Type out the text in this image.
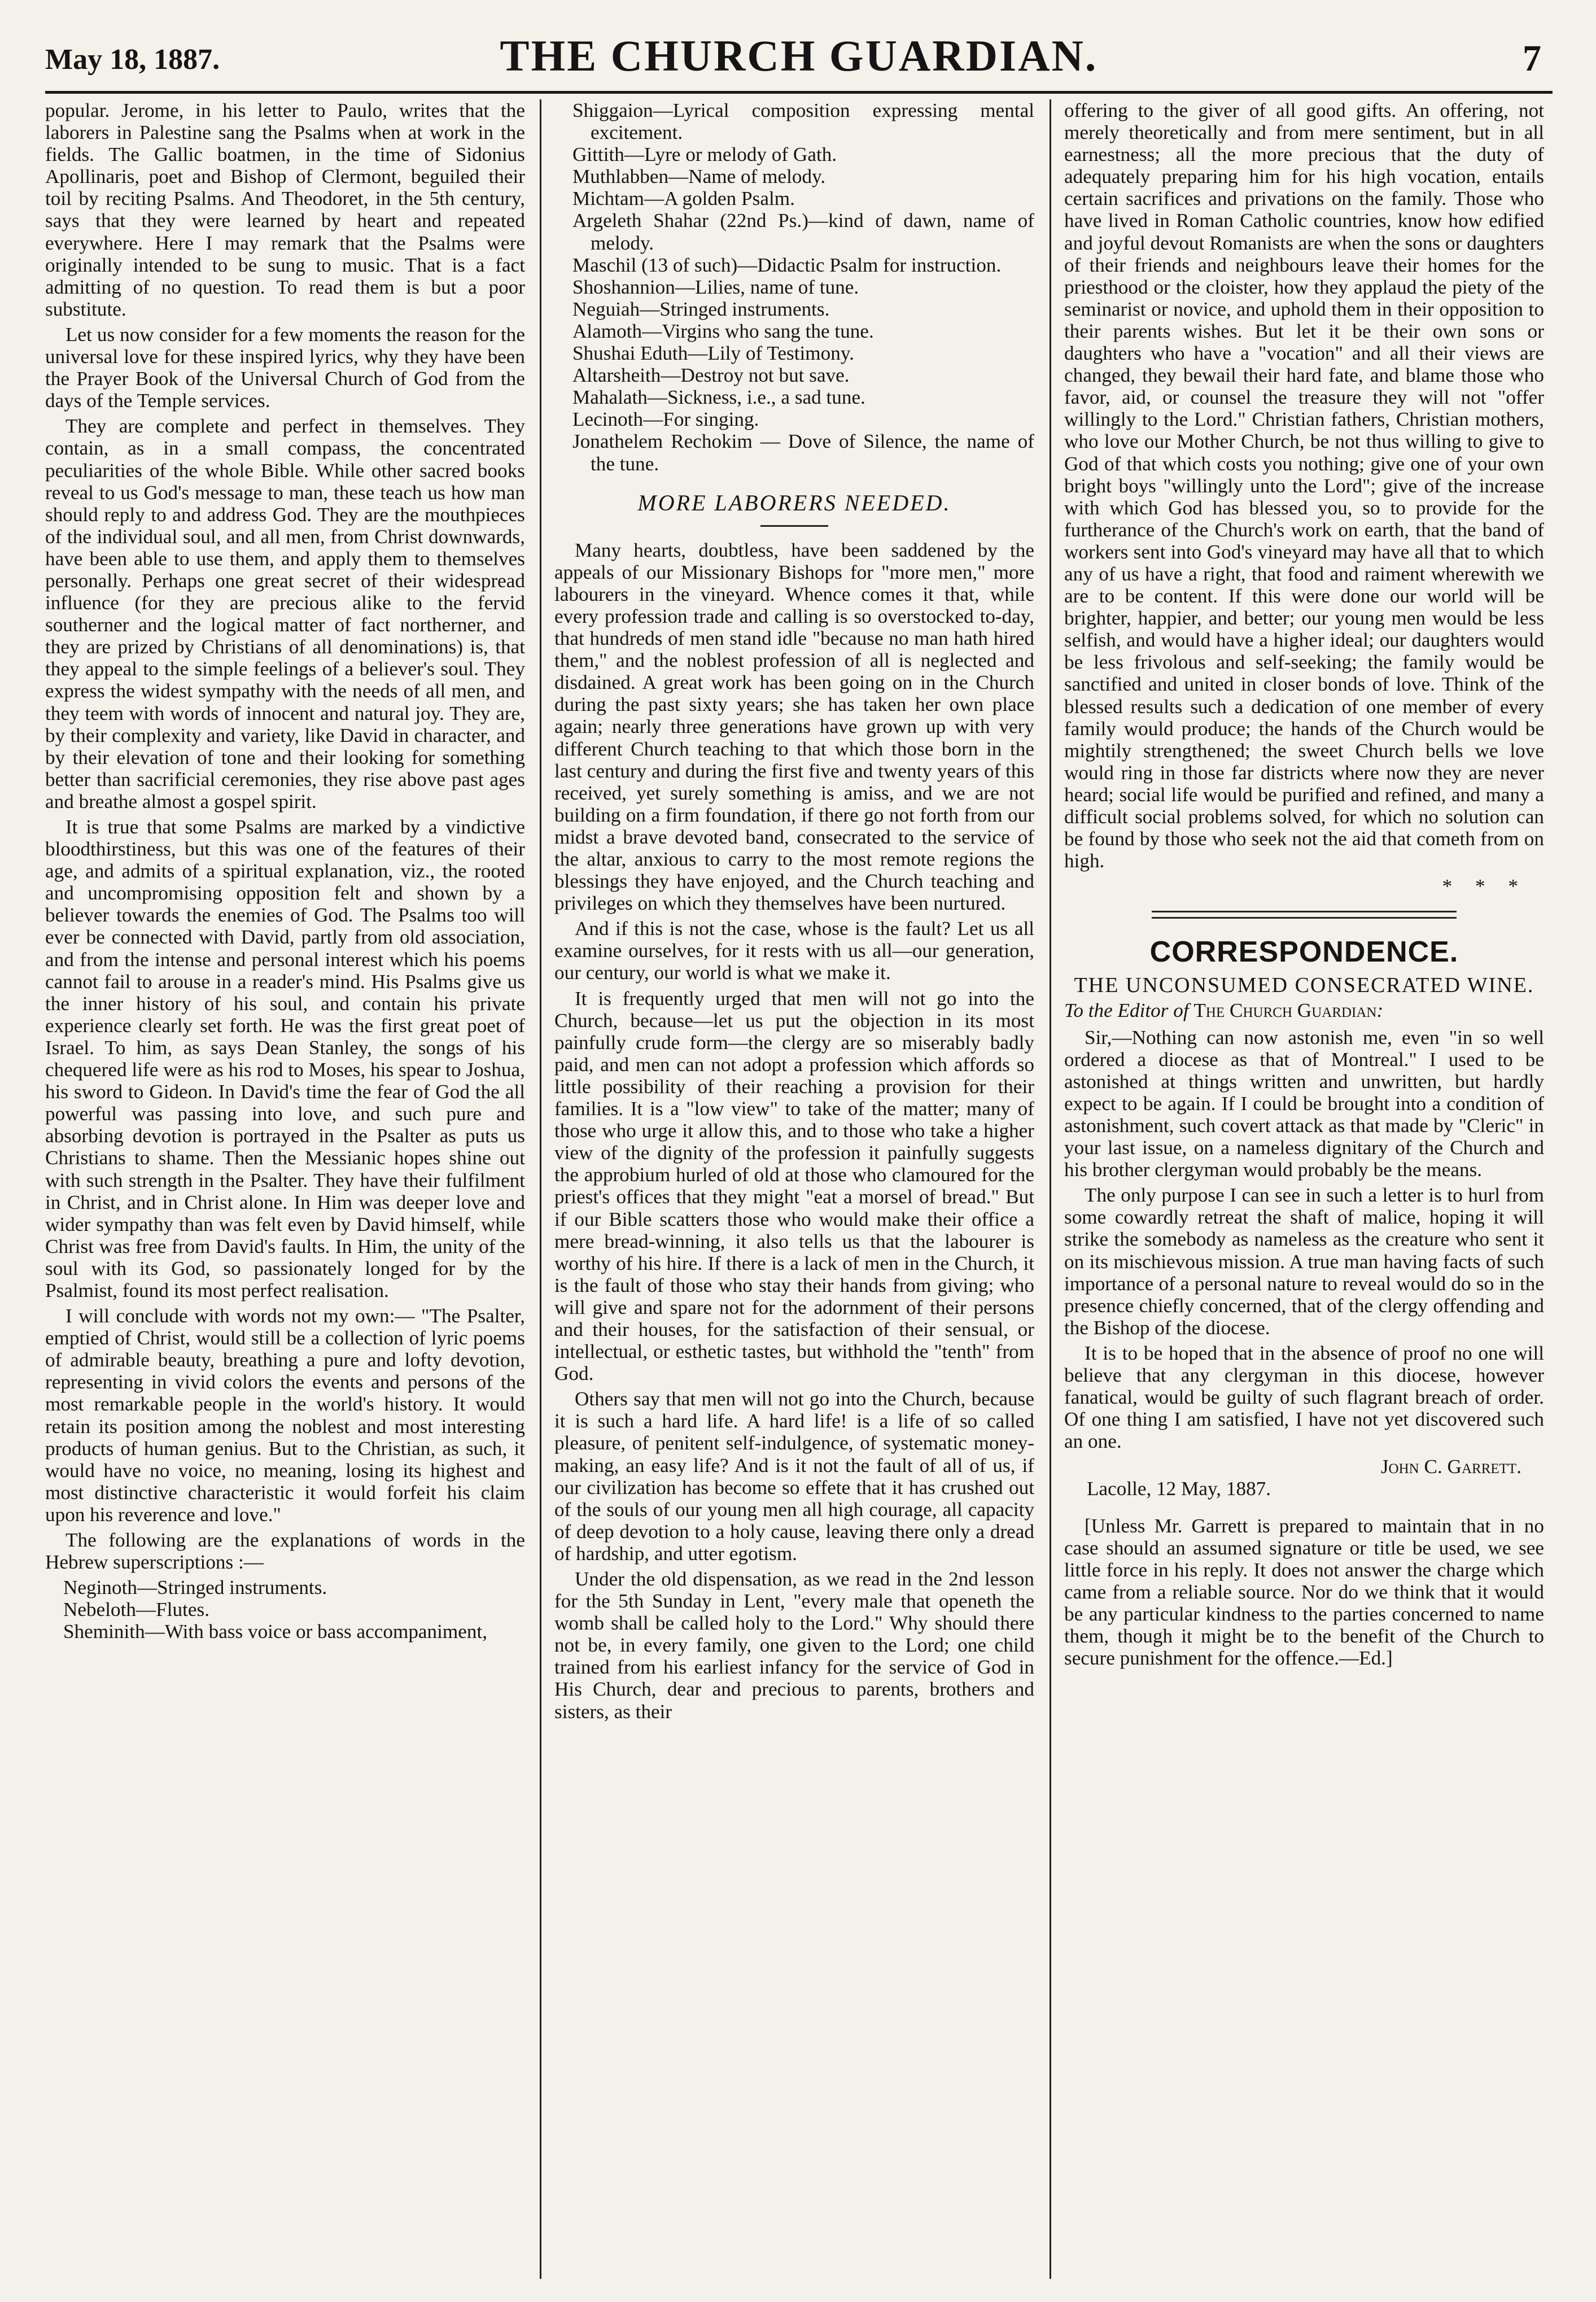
May 18, 1887.	THE CHURCH GUARDIAN.	7

popular. Jerome, in his letter to Paulo, writes that the laborers in Palestine sang the Psalms when at work in the fields. The Gallic boatmen, in the time of Sidonius Apollinaris, poet and Bishop of Clermont, beguiled their toil by reciting Psalms. And Theodoret, in the 5th century, says that they were learned by heart and repeated everywhere. Here I may remark that the Psalms were originally intended to be sung to music. That is a fact admitting of no question. To read them is but a poor substitute.

Let us now consider for a few moments the reason for the universal love for these inspired lyrics, why they have been the Prayer Book of the Universal Church of God from the days of the Temple services.

They are complete and perfect in themselves. They contain, as in a small compass, the concentrated peculiarities of the whole Bible. While other sacred books reveal to us God's message to man, these teach us how man should reply to and address God. They are the mouthpieces of the individual soul, and all men, from Christ downwards, have been able to use them, and apply them to themselves personally. Perhaps one great secret of their widespread influence (for they are precious alike to the fervid southerner and the logical matter of fact northerner, and they are prized by Christians of all denominations) is, that they appeal to the simple feelings of a believer's soul. They express the widest sympathy with the needs of all men, and they teem with words of innocent and natural joy. They are, by their complexity and variety, like David in character, and by their elevation of tone and their looking for something better than sacrificial ceremonies, they rise above past ages and breathe almost a gospel spirit.

It is true that some Psalms are marked by a vindictive bloodthirstiness, but this was one of the features of their age, and admits of a spiritual explanation, viz., the rooted and uncompromising opposition felt and shown by a believer towards the enemies of God. The Psalms too will ever be connected with David, partly from old association, and from the intense and personal interest which his poems cannot fail to arouse in a reader's mind. His Psalms give us the inner history of his soul, and contain his private experience clearly set forth. He was the first great poet of Israel. To him, as says Dean Stanley, the songs of his chequered life were as his rod to Moses, his spear to Joshua, his sword to Gideon. In David's time the fear of God the all powerful was passing into love, and such pure and absorbing devotion is portrayed in the Psalter as puts us Christians to shame. Then the Messianic hopes shine out with such strength in the Psalter. They have their fulfilment in Christ, and in Christ alone. In Him was deeper love and wider sympathy than was felt even by David himself, while Christ was free from David's faults. In Him, the unity of the soul with its God, so passionately longed for by the Psalmist, found its most perfect realisation.

I will conclude with words not my own:— "The Psalter, emptied of Christ, would still be a collection of lyric poems of admirable beauty, breathing a pure and lofty devotion, representing in vivid colors the events and persons of the most remarkable people in the world's history. It would retain its position among the noblest and most interesting products of human genius. But to the Christian, as such, it would have no voice, no meaning, losing its highest and most distinctive characteristic it would forfeit his claim upon his reverence and love."

The following are the explanations of words in the Hebrew superscriptions :—

Neginoth—Stringed instruments.

Nebeloth—Flutes.

Sheminith—With bass voice or bass accompaniment,

Shiggaion—Lyrical composition expressing mental excitement.

Gittith—Lyre or melody of Gath.

Muthlabben—Name of melody.

Michtam—A golden Psalm.

Argeleth Shahar (22nd Ps.)—kind of dawn, name of melody.

Maschil (13 of such)—Didactic Psalm for instruction.

Shoshannion—Lilies, name of tune.

Neguiah—Stringed instruments.

Alamoth—Virgins who sang the tune.

Shushai Eduth—Lily of Testimony.

Altarsheith—Destroy not but save.

Mahalath—Sickness, i.e., a sad tune.

Lecinoth—For singing.

Jonathelem Rechokim — Dove of Silence, the name of the tune.

MORE LABORERS NEEDED.

Many hearts, doubtless, have been saddened by the appeals of our Missionary Bishops for "more men," more labourers in the vineyard. Whence comes it that, while every profession trade and calling is so overstocked to-day, that hundreds of men stand idle "because no man hath hired them," and the noblest profession of all is neglected and disdained. A great work has been going on in the Church during the past sixty years; she has taken her own place again; nearly three generations have grown up with very different Church teaching to that which those born in the last century and during the first five and twenty years of this received, yet surely something is amiss, and we are not building on a firm foundation, if there go not forth from our midst a brave devoted band, consecrated to the service of the altar, anxious to carry to the most remote regions the blessings they have enjoyed, and the Church teaching and privileges on which they themselves have been nurtured.

And if this is not the case, whose is the fault? Let us all examine ourselves, for it rests with us all—our generation, our century, our world is what we make it.

It is frequently urged that men will not go into the Church, because—let us put the objection in its most painfully crude form—the clergy are so miserably badly paid, and men can not adopt a profession which affords so little possibility of their reaching a provision for their families. It is a "low view" to take of the matter; many of those who urge it allow this, and to those who take a higher view of the dignity of the profession it painfully suggests the approbium hurled of old at those who clamoured for the priest's offices that they might "eat a morsel of bread." But if our Bible scatters those who would make their office a mere bread-winning, it also tells us that the labourer is worthy of his hire. If there is a lack of men in the Church, it is the fault of those who stay their hands from giving; who will give and spare not for the adornment of their persons and their houses, for the satisfaction of their sensual, or intellectual, or esthetic tastes, but withhold the "tenth" from God.

Others say that men will not go into the Church, because it is such a hard life. A hard life! is a life of so called pleasure, of penitent self-indulgence, of systematic money-making, an easy life? And is it not the fault of all of us, if our civilization has become so effete that it has crushed out of the souls of our young men all high courage, all capacity of deep devotion to a holy cause, leaving there only a dread of hardship, and utter egotism.

Under the old dispensation, as we read in the 2nd lesson for the 5th Sunday in Lent, "every male that openeth the womb shall be called holy to the Lord." Why should there not be, in every family, one given to the Lord; one child trained from his earliest infancy for the service of God in His Church, dear and precious to parents, brothers and sisters, as their

offering to the giver of all good gifts. An offering, not merely theoretically and from mere sentiment, but in all earnestness; all the more precious that the duty of adequately preparing him for his high vocation, entails certain sacrifices and privations on the family. Those who have lived in Roman Catholic countries, know how edified and joyful devout Romanists are when the sons or daughters of their friends and neighbours leave their homes for the priesthood or the cloister, how they applaud the piety of the seminarist or novice, and uphold them in their opposition to their parents wishes. But let it be their own sons or daughters who have a "vocation" and all their views are changed, they bewail their hard fate, and blame those who favor, aid, or counsel the treasure they will not "offer willingly to the Lord." Christian fathers, Christian mothers, who love our Mother Church, be not thus willing to give to God of that which costs you nothing; give one of your own bright boys "willingly unto the Lord"; give of the increase with which God has blessed you, so to provide for the furtherance of the Church's work on earth, that the band of workers sent into God's vineyard may have all that to which any of us have a right, that food and raiment wherewith we are to be content. If this were done our world will be brighter, happier, and better; our young men would be less selfish, and would have a higher ideal; our daughters would be less frivolous and self-seeking; the family would be sanctified and united in closer bonds of love. Think of the blessed results such a dedication of one member of every family would produce; the hands of the Church would be mightily strengthened; the sweet Church bells we love would ring in those far districts where now they are never heard; social life would be purified and refined, and many a difficult social problems solved, for which no solution can be found by those who seek not the aid that cometh from on high.

* * *
CORRESPONDENCE.
THE UNCONSUMED CONSECRATED WINE.
To the Editor of The Church Guardian:

Sir,—Nothing can now astonish me, even "in so well ordered a diocese as that of Montreal." I used to be astonished at things written and unwritten, but hardly expect to be again. If I could be brought into a condition of astonishment, such covert attack as that made by "Cleric" in your last issue, on a nameless dignitary of the Church and his brother clergyman would probably be the means.

The only purpose I can see in such a letter is to hurl from some cowardly retreat the shaft of malice, hoping it will strike the somebody as nameless as the creature who sent it on its mischievous mission. A true man having facts of such importance of a personal nature to reveal would do so in the presence chiefly concerned, that of the clergy offending and the Bishop of the diocese.

It is to be hoped that in the absence of proof no one will believe that any clergyman in this diocese, however fanatical, would be guilty of such flagrant breach of order. Of one thing I am satisfied, I have not yet discovered such an one.

John C. Garrett.
Lacolle, 12 May, 1887.

[Unless Mr. Garrett is prepared to maintain that in no case should an assumed signature or title be used, we see little force in his reply. It does not answer the charge which came from a reliable source. Nor do we think that it would be any particular kindness to the parties concerned to name them, though it might be to the benefit of the Church to secure punishment for the offence.—Ed.]
